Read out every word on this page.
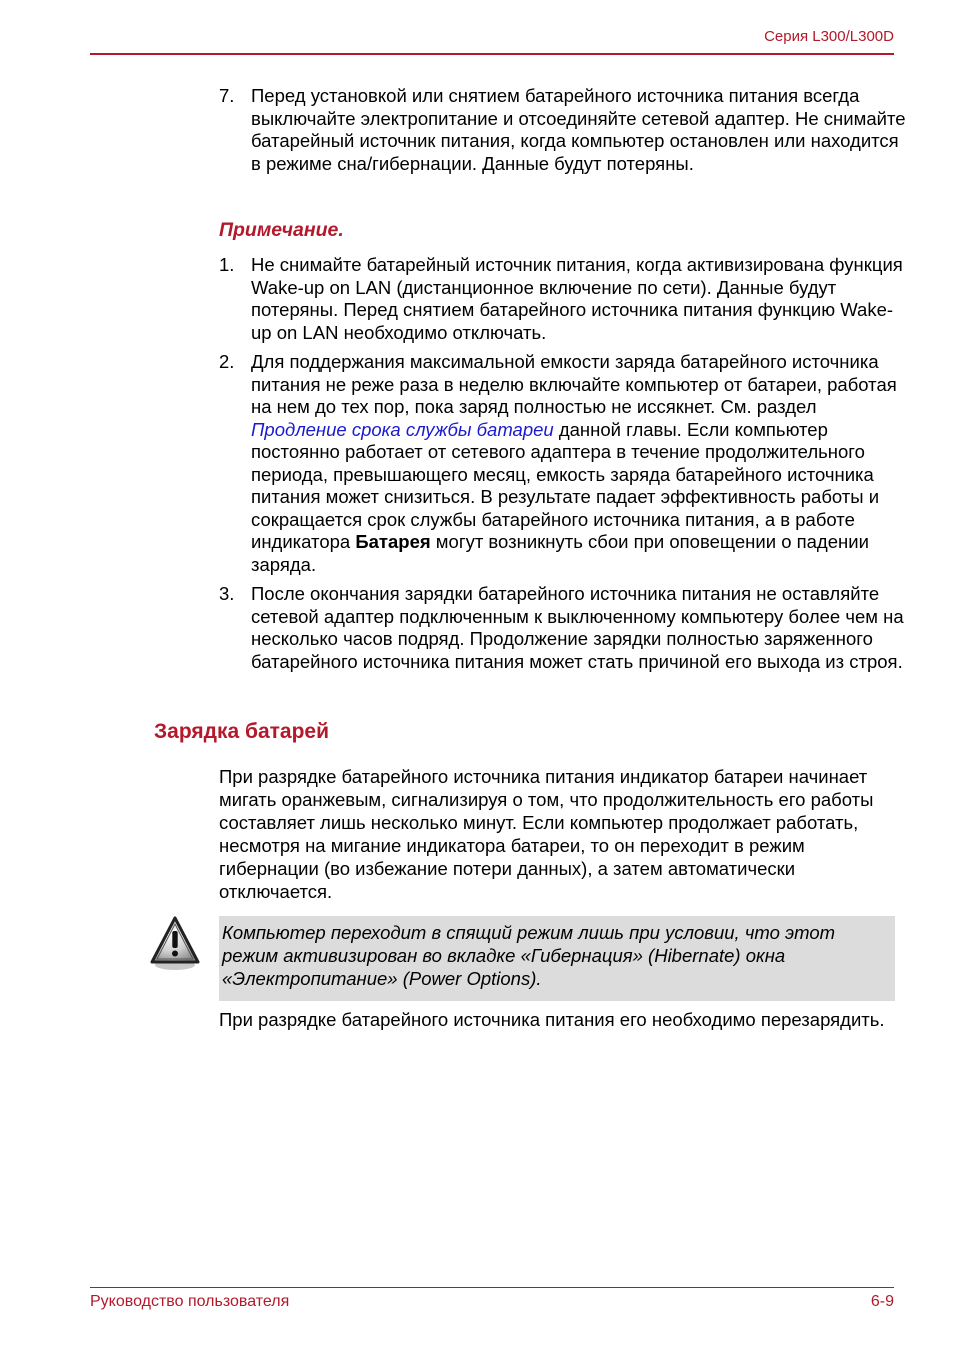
Серия L300/L300D
7. Перед установкой или снятием батарейного источника питания всегда выключайте электропитание и отсоединяйте сетевой адаптер. Не снимайте батарейный источник питания, когда компьютер остановлен или находится в режиме сна/гибернации. Данные будут потеряны.
Примечание.
1. Не снимайте батарейный источник питания, когда активизирована функция Wake-up on LAN (дистанционное включение по сети). Данные будут потеряны. Перед снятием батарейного источника питания функцию Wake-up on LAN необходимо отключать.
2. Для поддержания максимальной емкости заряда батарейного источника питания не реже раза в неделю включайте компьютер от батареи, работая на нем до тех пор, пока заряд полностью не иссякнет. См. раздел Продление срока службы батареи данной главы. Если компьютер постоянно работает от сетевого адаптера в течение продолжительного периода, превышающего месяц, емкость заряда батарейного источника питания может снизиться. В результате падает эффективность работы и сокращается срок службы батарейного источника питания, а в работе индикатора Батарея могут возникнуть сбои при оповещении о падении заряда.
3. После окончания зарядки батарейного источника питания не оставляйте сетевой адаптер подключенным к выключенному компьютеру более чем на несколько часов подряд. Продолжение зарядки полностью заряженного батарейного источника питания может стать причиной его выхода из строя.
Зарядка батарей

При разрядке батарейного источника питания индикатор батареи начинает мигать оранжевым, сигнализируя о том, что продолжительность его работы составляет лишь несколько минут. Если компьютер продолжает работать, несмотря на мигание индикатора батареи, то он переходит в режим гибернации (во избежание потери данных), а затем автоматически отключается.

Компьютер переходит в спящий режим лишь при условии, что этот режим активизирован во вкладке «Гибернация» (Hibernate) окна «Электропитание» (Power Options).

При разрядке батарейного источника питания его необходимо перезарядить.

Руководство пользователя	6-9
